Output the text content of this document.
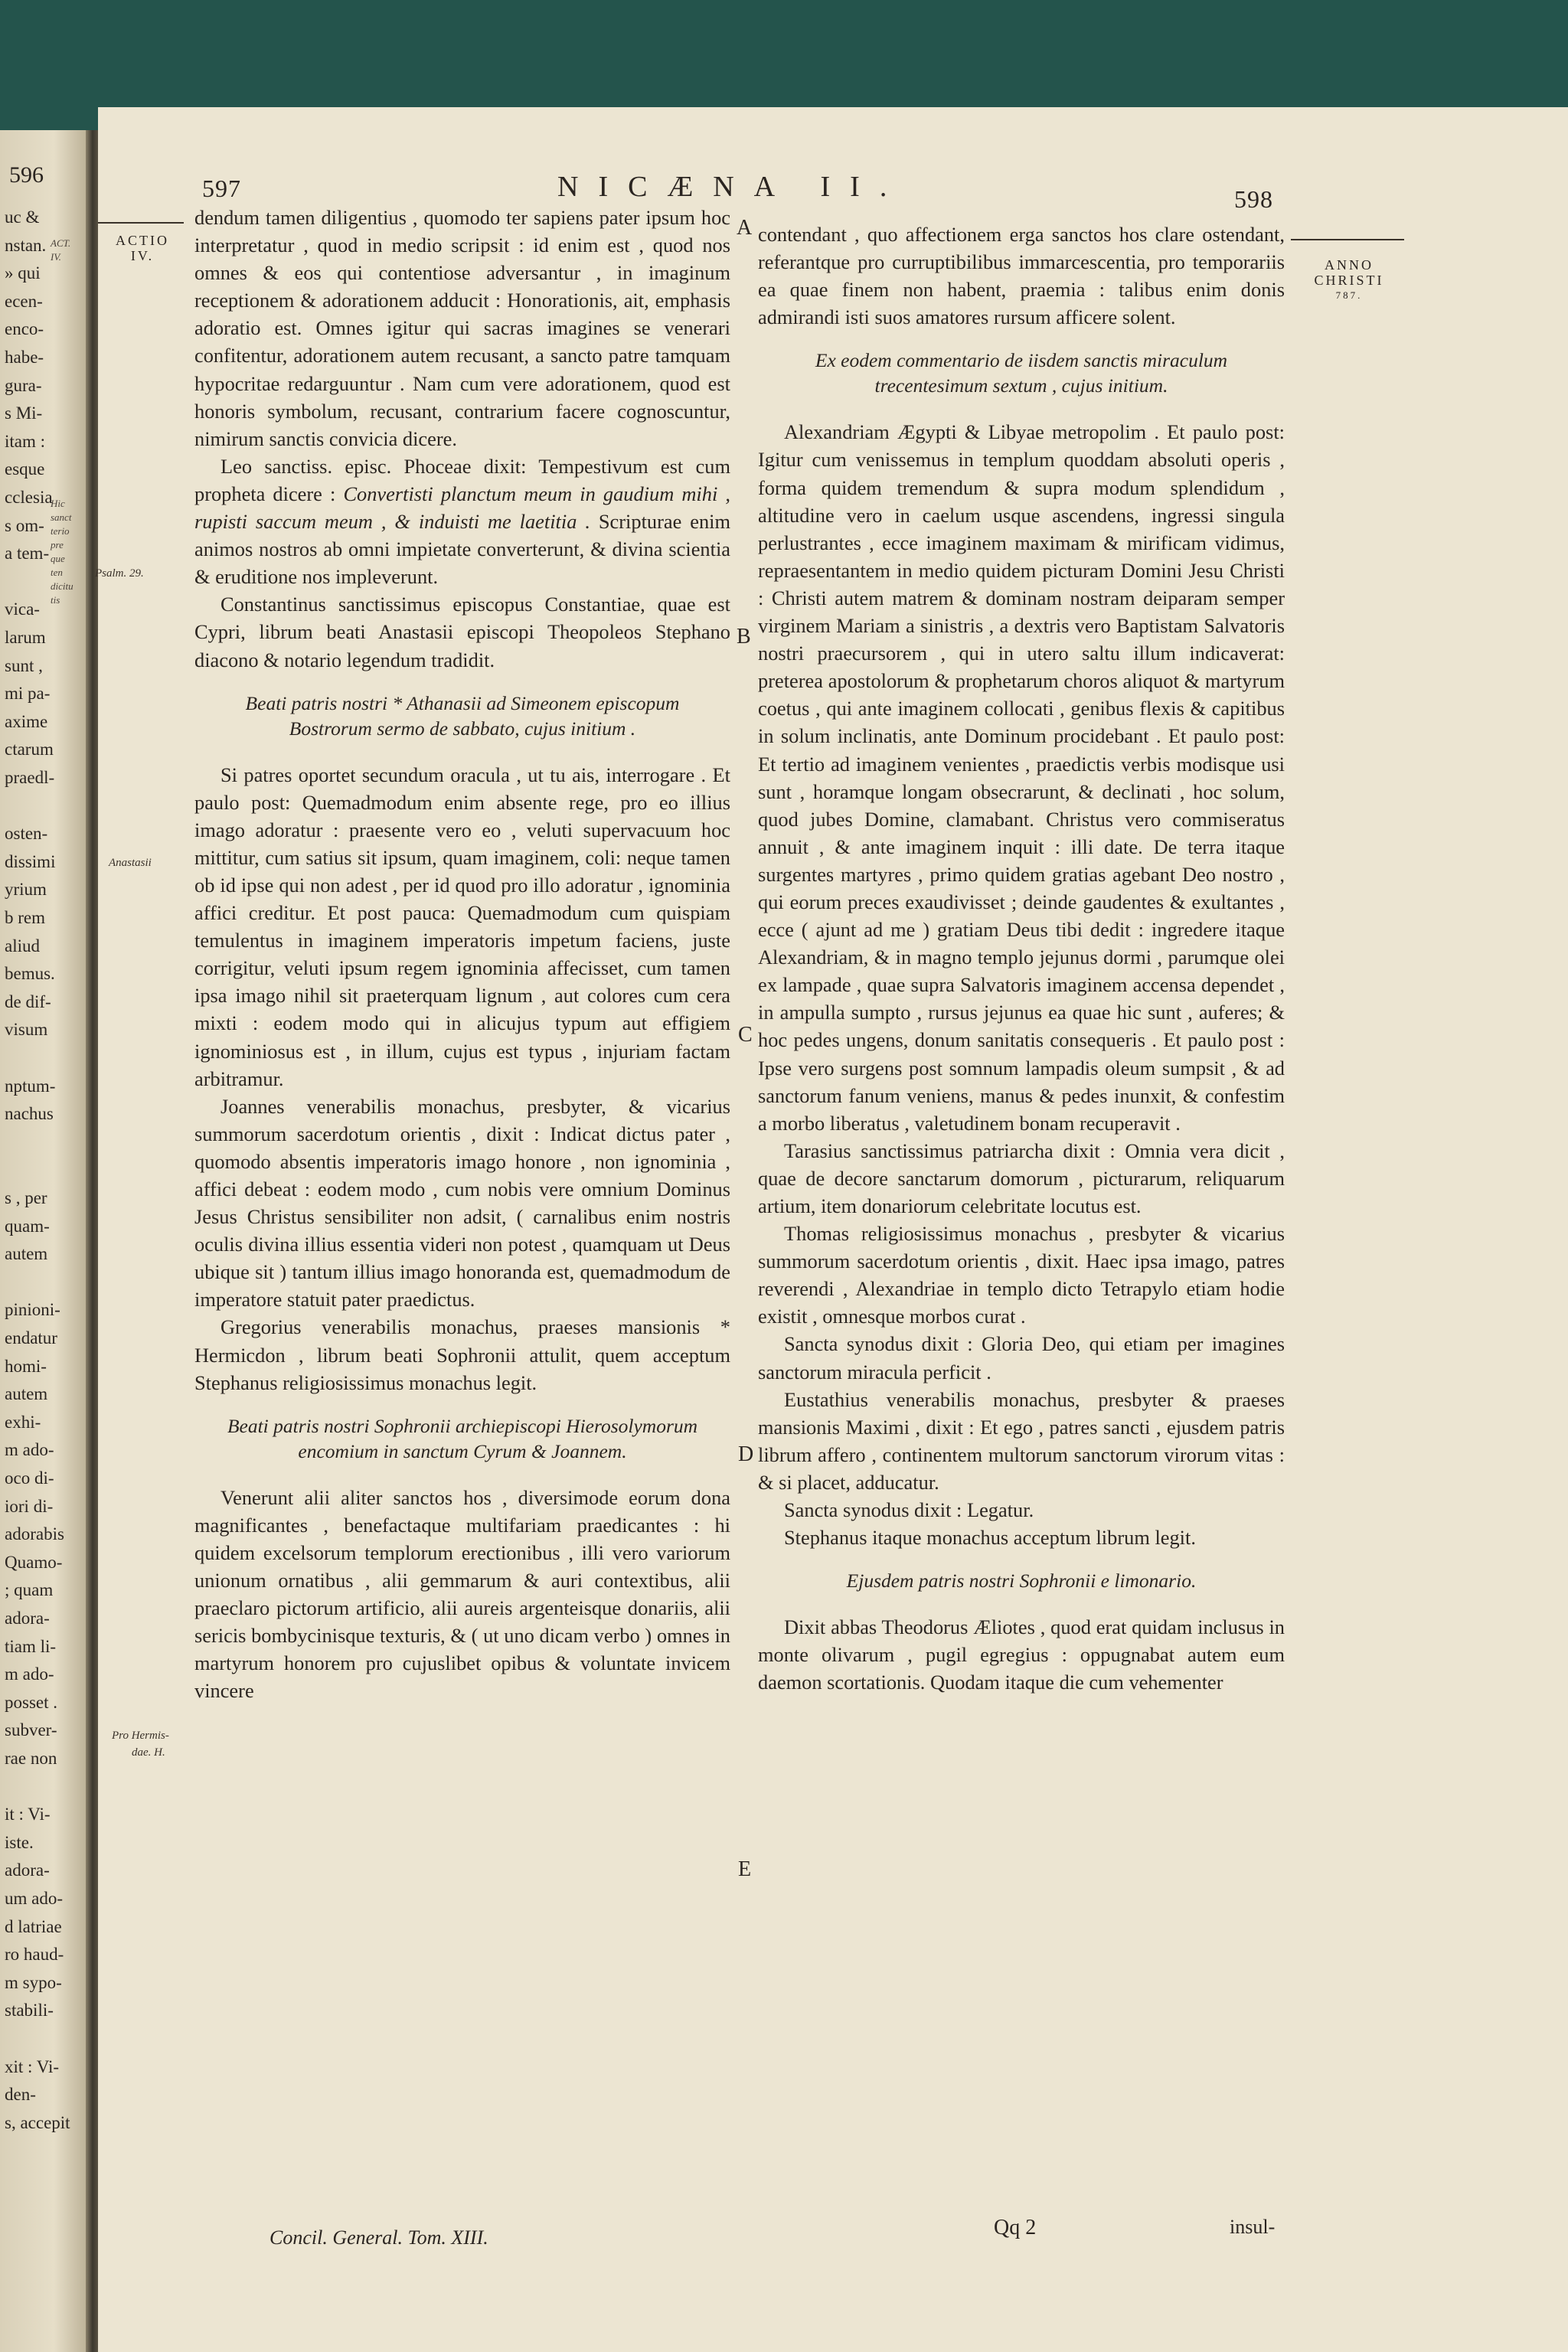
596
uc &
nstan.
» qui
ecen-
enco-
habe-
gura-
s Mi-
itam :
esque
cclesia
s om-
a tem-
vica-
larum
sunt ,
mi pa-
axime
ctarum
praedl-
osten-
dissimi
yrium
b rem
aliud
bemus.
de dif-
visum
nptum-
nachus
s , per
quam-
autem
pinioni-
endatur
homi-
autem
exhi-
m ado-
oco di-
iori di-
adorabis
Quamo-
; quam
adora-
tiam li-
m ado-
posset .
subver-
rae non
it : Vi-
iste.
adora-
um ado-
d latriae
ro haud-
m sypo-
stabili-
xit : Vi-
den-
s, accepit
ACT.
IV.
Hic
sanct
terio
pre
que
ten
dicitu
tis
597	NICÆNA II.	598
ACTIO
IV.
ANNO
CHRISTI
787.
Psalm. 29.
Anastasii
Pro Hermis-
dae. H.
A
B
C
D
E

dendum tamen diligentius , quomodo ter sapiens pater ipsum hoc interpretatur , quod in medio scripsit : id enim est , quod nos omnes & eos qui contentiose adversantur , in imaginum receptionem & adorationem adducit : Honorationis, ait, emphasis adoratio est. Omnes igitur qui sacras imagines se venerari confitentur, adorationem autem recusant, a sancto patre tamquam hypocritae redarguuntur . Nam cum vere adorationem, quod est honoris symbolum, recusant, contrarium facere cognoscuntur, nimirum sanctis convicia dicere.

Leo sanctiss. episc. Phoceae dixit: Tempestivum est cum propheta dicere : Convertisti planctum meum in gaudium mihi , rupisti saccum meum , & induisti me laetitia . Scripturae enim animos nostros ab omni impietate converterunt, & divina scientia & eruditione nos impleverunt.

Constantinus sanctissimus episcopus Constantiae, quae est Cypri, librum beati Anastasii episcopi Theopoleos Stephano diacono & notario legendum tradidit.

Beati patris nostri * Athanasii ad Simeonem episcopum Bostrorum sermo de sabbato, cujus initium .

Si patres oportet secundum oracula , ut tu ais, interrogare . Et paulo post: Quemadmodum enim absente rege, pro eo illius imago adoratur : praesente vero eo , veluti supervacuum hoc mittitur, cum satius sit ipsum, quam imaginem, coli: neque tamen ob id ipse qui non adest , per id quod pro illo adoratur , ignominia affici creditur. Et post pauca: Quemadmodum cum quispiam temulentus in imaginem imperatoris impetum faciens, juste corrigitur, veluti ipsum regem ignominia affecisset, cum tamen ipsa imago nihil sit praeterquam lignum , aut colores cum cera mixti : eodem modo qui in alicujus typum aut effigiem ignominiosus est , in illum, cujus est typus , injuriam factam arbitramur.

Joannes venerabilis monachus, presbyter, & vicarius summorum sacerdotum orientis , dixit : Indicat dictus pater , quomodo absentis imperatoris imago honore , non ignominia , affici debeat : eodem modo , cum nobis vere omnium Dominus Jesus Christus sensibiliter non adsit, ( carnalibus enim nostris oculis divina illius essentia videri non potest , quamquam ut Deus ubique sit ) tantum illius imago honoranda est, quemadmodum de imperatore statuit pater praedictus.

Gregorius venerabilis monachus, praeses mansionis * Hermicdon , librum beati Sophronii attulit, quem acceptum Stephanus religiosissimus monachus legit.

Beati patris nostri Sophronii archiepiscopi Hierosolymorum encomium in sanctum Cyrum & Joannem.

Venerunt alii aliter sanctos hos , diversimode eorum dona magnificantes , benefactaque multifariam praedicantes : hi quidem excelsorum templorum erectionibus , illi vero variorum unionum ornatibus , alii gemmarum & auri contextibus, alii praeclaro pictorum artificio, alii aureis argenteisque donariis, alii sericis bombycinisque texturis, & ( ut uno dicam verbo ) omnes in martyrum honorem pro cujuslibet opibus & voluntate invicem vincere

Concil. General. Tom. XIII.

contendant , quo affectionem erga sanctos hos clare ostendant, referantque pro curruptibilibus immarcescentia, pro temporariis ea quae finem non habent, praemia : talibus enim donis admirandi isti suos amatores rursum afficere solent.

Ex eodem commentario de iisdem sanctis miraculum trecentesimum sextum , cujus initium.

Alexandriam Ægypti & Libyae metropolim . Et paulo post: Igitur cum venissemus in templum quoddam absoluti operis , forma quidem tremendum & supra modum splendidum , altitudine vero in caelum usque ascendens, ingressi singula perlustrantes , ecce imaginem maximam & mirificam vidimus, repraesentantem in medio quidem picturam Domini Jesu Christi : Christi autem matrem & dominam nostram deiparam semper virginem Mariam a sinistris , a dextris vero Baptistam Salvatoris nostri praecursorem , qui in utero saltu illum indicaverat: preterea apostolorum & prophetarum choros aliquot & martyrum coetus , qui ante imaginem collocati , genibus flexis & capitibus in solum inclinatis, ante Dominum procidebant . Et paulo post: Et tertio ad imaginem venientes , praedictis verbis modisque usi sunt , horamque longam obsecrarunt, & declinati , hoc solum, quod jubes Domine, clamabant. Christus vero commiseratus annuit , & ante imaginem inquit : illi date. De terra itaque surgentes martyres , primo quidem gratias agebant Deo nostro , qui eorum preces exaudivisset ; deinde gaudentes & exultantes , ecce ( ajunt ad me ) gratiam Deus tibi dedit : ingredere itaque Alexandriam, & in magno templo jejunus dormi , parumque olei ex lampade , quae supra Salvatoris imaginem accensa dependet , in ampulla sumpto , rursus jejunus ea quae hic sunt , auferes; & hoc pedes ungens, donum sanitatis consequeris . Et paulo post : Ipse vero surgens post somnum lampadis oleum sumpsit , & ad sanctorum fanum veniens, manus & pedes inunxit, & confestim a morbo liberatus , valetudinem bonam recuperavit .

Tarasius sanctissimus patriarcha dixit : Omnia vera dicit , quae de decore sanctarum domorum , picturarum, reliquarum artium, item donariorum celebritate locutus est.

Thomas religiosissimus monachus , presbyter & vicarius summorum sacerdotum orientis , dixit. Haec ipsa imago, patres reverendi , Alexandriae in templo dicto Tetrapylo etiam hodie existit , omnesque morbos curat .

Sancta synodus dixit : Gloria Deo, qui etiam per imagines sanctorum miracula perficit .

Eustathius venerabilis monachus, presbyter & praeses mansionis Maximi , dixit : Et ego , patres sancti , ejusdem patris librum affero , continentem multorum sanctorum virorum vitas : & si placet, adducatur.

Sancta synodus dixit : Legatur.

Stephanus itaque monachus acceptum librum legit.

Ejusdem patris nostri Sophronii e limonario.

Dixit abbas Theodorus Æliotes , quod erat quidam inclusus in monte olivarum , pugil egregius : oppugnabat autem eum daemon scortationis. Quodam itaque die cum vehementer

Qq 2	insul-
